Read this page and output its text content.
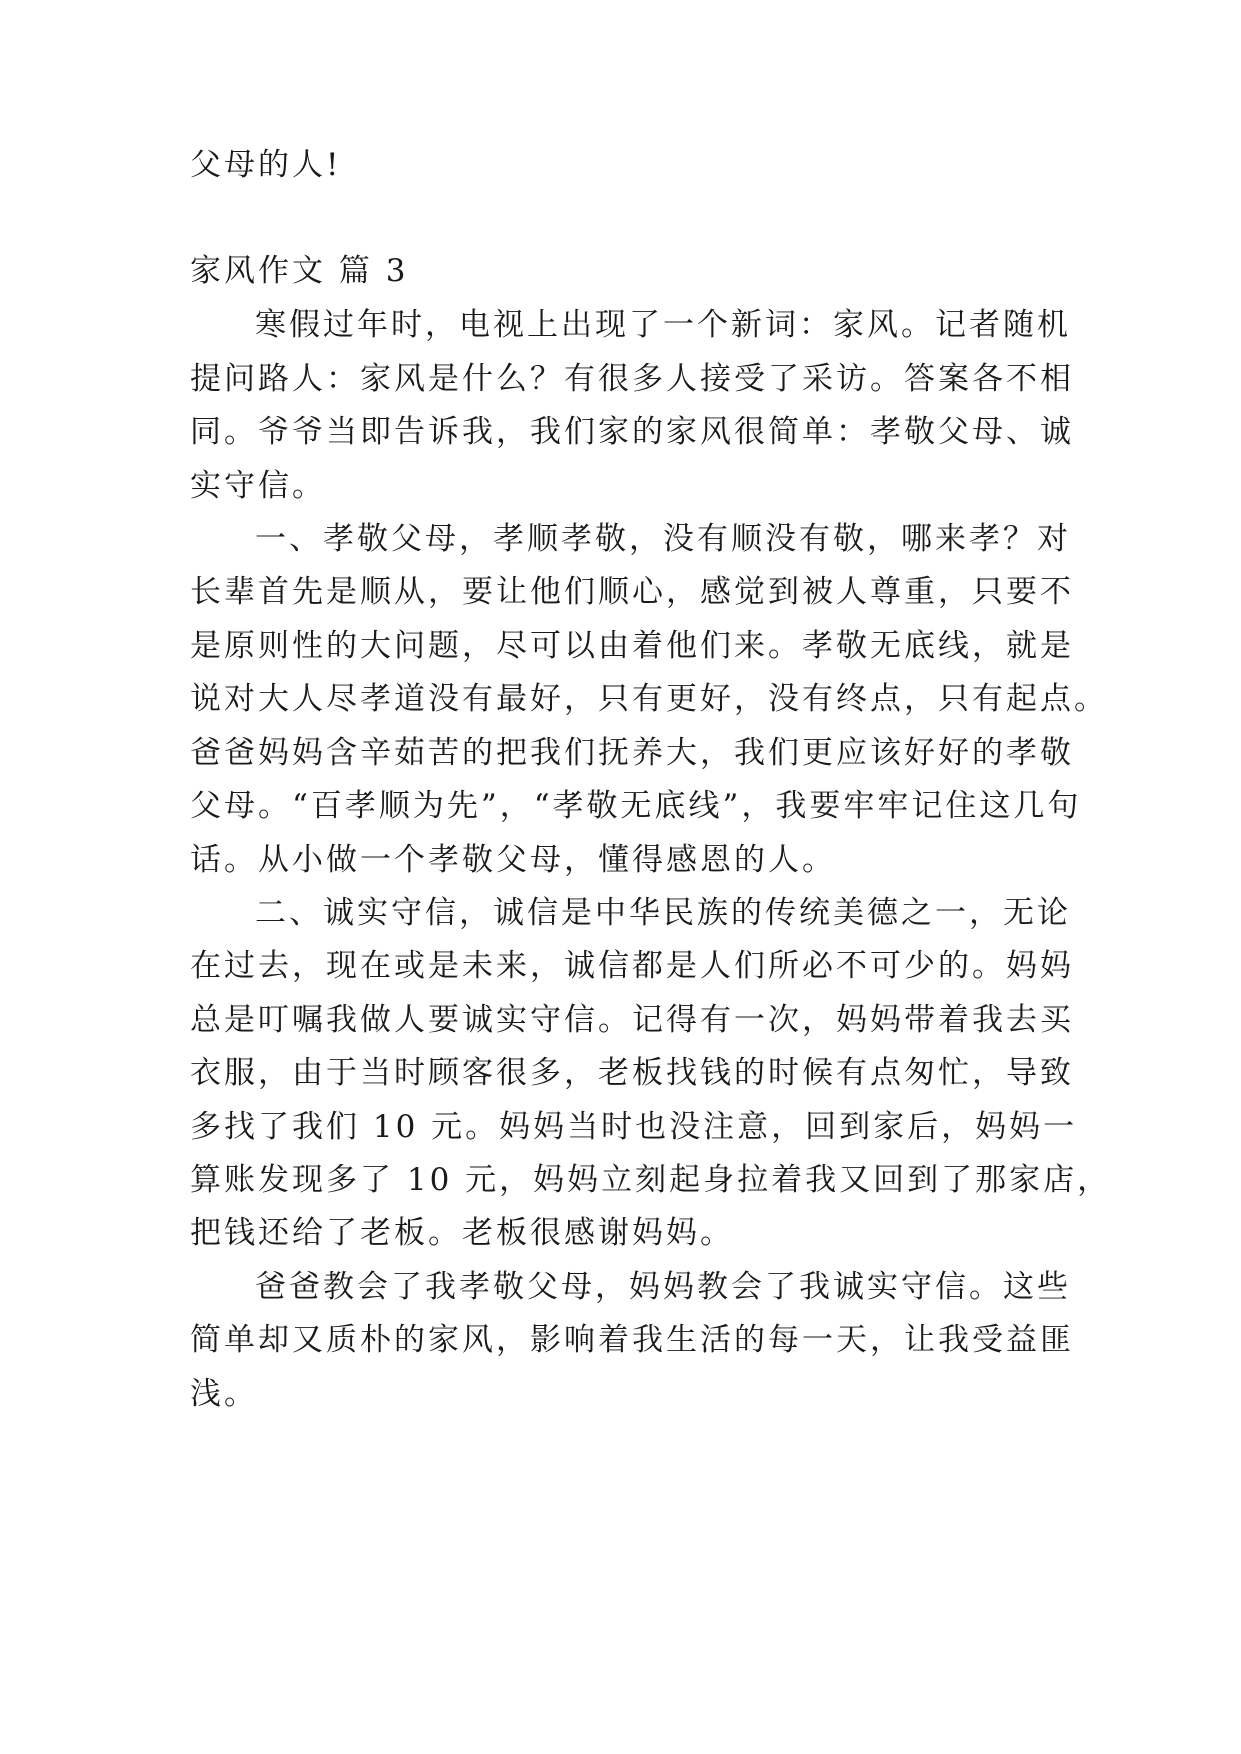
父母的人!
家风作文 篇 3
寒假过年时，电视上出现了一个新词：家风。记者随机
提问路人：家风是什么？有很多人接受了采访。答案各不相
同。爷爷当即告诉我，我们家的家风很简单：孝敬父母、诚
实守信。
一、孝敬父母，孝顺孝敬，没有顺没有敬，哪来孝？对
长辈首先是顺从，要让他们顺心，感觉到被人尊重，只要不
是原则性的大问题，尽可以由着他们来。孝敬无底线，就是
说对大人尽孝道没有最好，只有更好，没有终点，只有起点。
爸爸妈妈含辛茹苦的把我们抚养大，我们更应该好好的孝敬
父母。“百孝顺为先”，“孝敬无底线”，我要牢牢记住这几句
话。从小做一个孝敬父母，懂得感恩的人。
二、诚实守信，诚信是中华民族的传统美德之一，无论
在过去，现在或是未来，诚信都是人们所必不可少的。妈妈
总是叮嘱我做人要诚实守信。记得有一次，妈妈带着我去买
衣服，由于当时顾客很多，老板找钱的时候有点匆忙，导致
多找了我们 10 元。妈妈当时也没注意，回到家后，妈妈一
算账发现多了 10 元，妈妈立刻起身拉着我又回到了那家店，
把钱还给了老板。老板很感谢妈妈。
爸爸教会了我孝敬父母，妈妈教会了我诚实守信。这些
简单却又质朴的家风，影响着我生活的每一天，让我受益匪
浅。
